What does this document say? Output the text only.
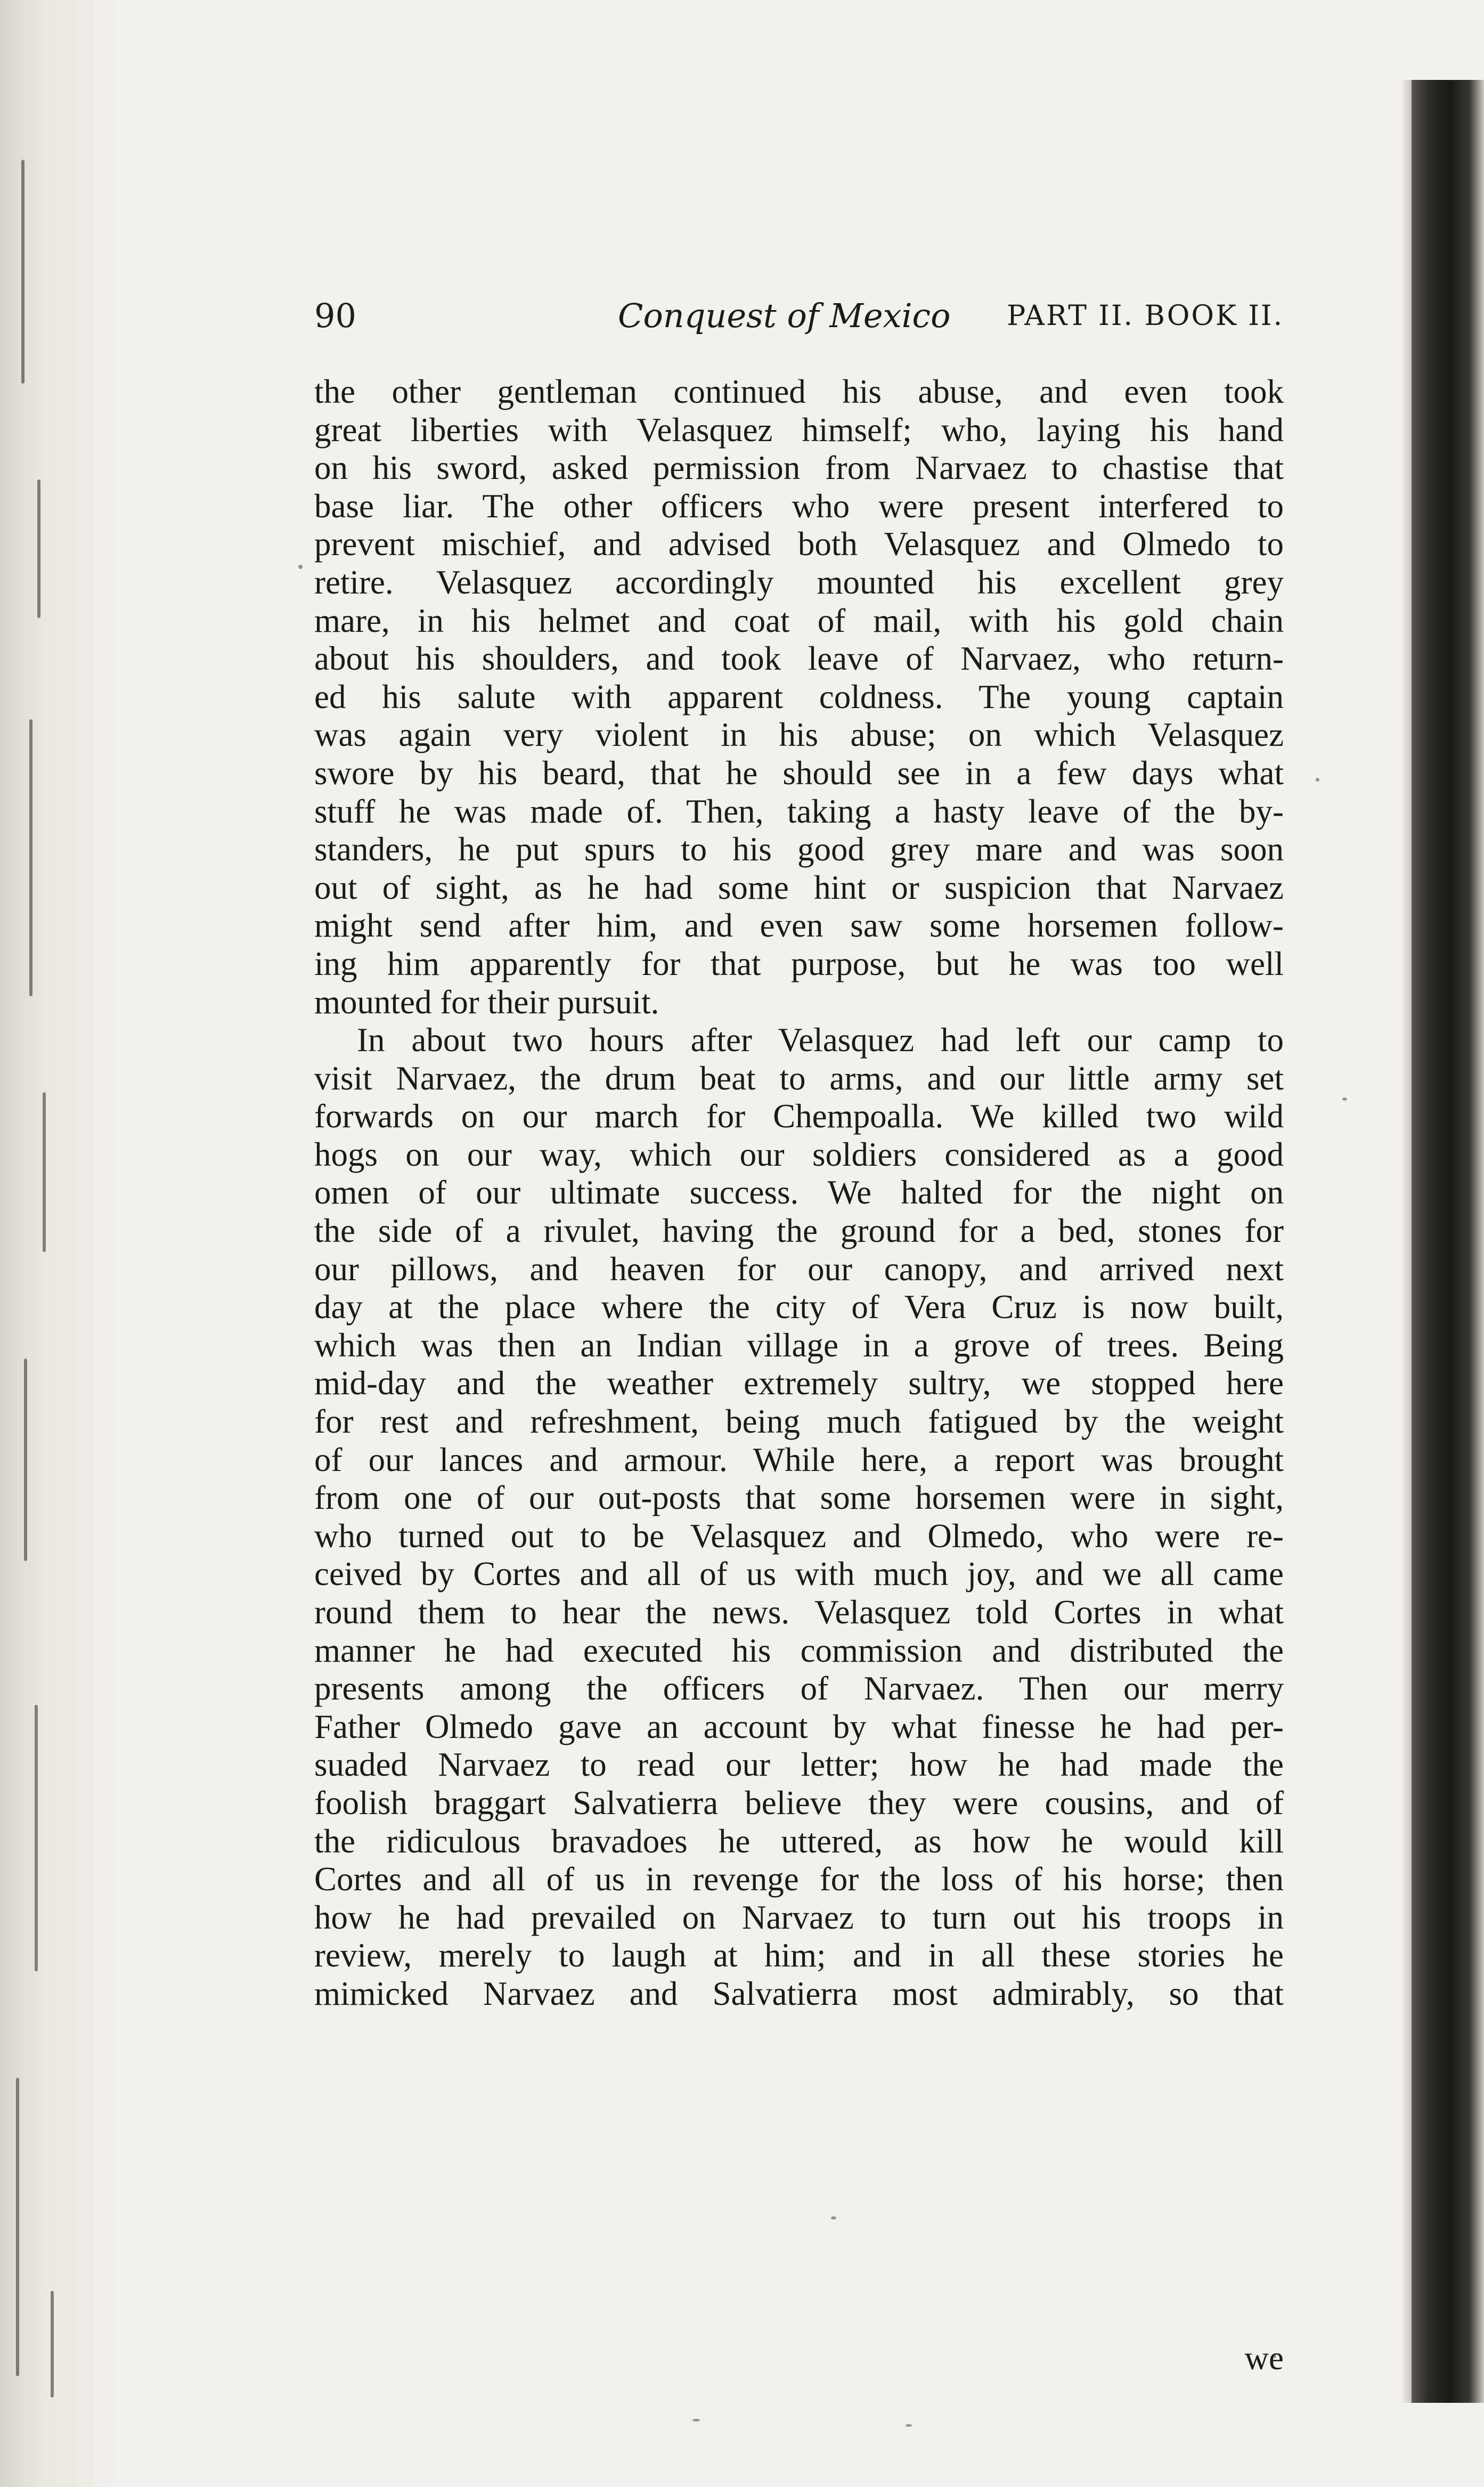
90	Conquest of Mexico PART II. BOOK II.
the other gentleman continued his abuse, and even took
great liberties with Velasquez himself; who, laying his hand
on his sword, asked permission from Narvaez to chastise that
base liar. The other officers who were present interfered to
prevent mischief, and advised both Velasquez and Olmedo to
retire. Velasquez accordingly mounted his excellent grey
mare, in his helmet and coat of mail, with his gold chain
about his shoulders, and took leave of Narvaez, who return-
ed his salute with apparent coldness. The young captain
was again very violent in his abuse; on which Velasquez
swore by his beard, that he should see in a few days what
stuff he was made of. Then, taking a hasty leave of the by-
standers, he put spurs to his good grey mare and was soon
out of sight, as he had some hint or suspicion that Narvaez
might send after him, and even saw some horsemen follow-
ing him apparently for that purpose, but he was too well
mounted for their pursuit.
In about two hours after Velasquez had left our camp to
visit Narvaez, the drum beat to arms, and our little army set
forwards on our march for Chempoalla. We killed two wild
hogs on our way, which our soldiers considered as a good
omen of our ultimate success. We halted for the night on
the side of a rivulet, having the ground for a bed, stones for
our pillows, and heaven for our canopy, and arrived next
day at the place where the city of Vera Cruz is now built,
which was then an Indian village in a grove of trees. Being
mid-day and the weather extremely sultry, we stopped here
for rest and refreshment, being much fatigued by the weight
of our lances and armour. While here, a report was brought
from one of our out-posts that some horsemen were in sight,
who turned out to be Velasquez and Olmedo, who were re-
ceived by Cortes and all of us with much joy, and we all came
round them to hear the news. Velasquez told Cortes in what
manner he had executed his commission and distributed the
presents among the officers of Narvaez. Then our merry
Father Olmedo gave an account by what finesse he had per-
suaded Narvaez to read our letter; how he had made the
foolish braggart Salvatierra believe they were cousins, and of
the ridiculous bravadoes he uttered, as how he would kill
Cortes and all of us in revenge for the loss of his horse; then
how he had prevailed on Narvaez to turn out his troops in
review, merely to laugh at him; and in all these stories he
mimicked Narvaez and Salvatierra most admirably, so that
we
